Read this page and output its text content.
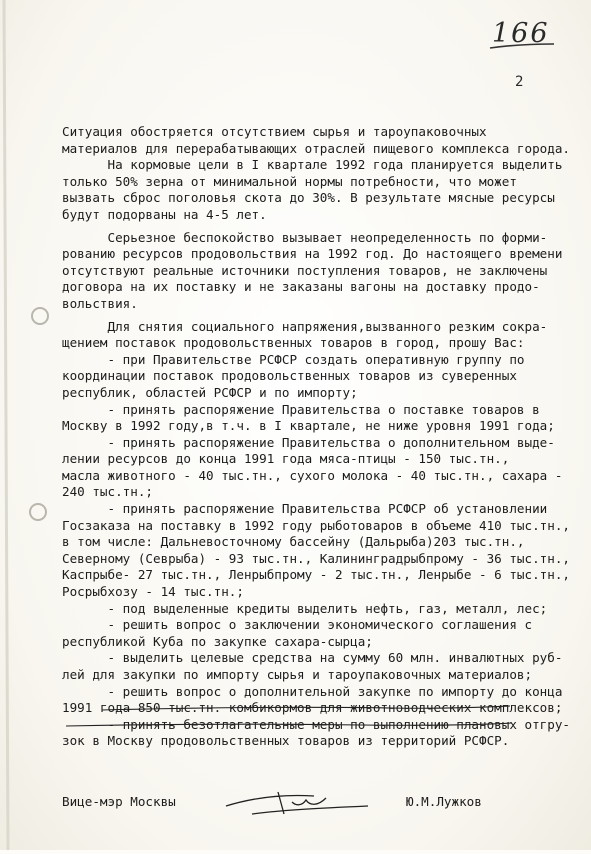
166
2
Ситуация обостряется отсутствием сырья и тароупаковочных
материалов для перерабатывающих отраслей пищевого комплекса города.
На кормовые цели в I квартале 1992 года планируется выделить
только 50% зерна от минимальной нормы потребности, что может
вызвать сброс поголовья скота до 30%. В результате мясные ресурсы
будут подорваны на 4-5 лет.
Серьезное беспокойство вызывает неопределенность по форми-
рованию ресурсов продовольствия на 1992 год. До настоящего времени
отсутствуют реальные источники поступления товаров, не заключены
договора на их поставку и не заказаны вагоны на доставку продо-
вольствия.
Для снятия социального напряжения,вызванного резким сокра-
щением поставок продовольственных товаров в город, прошу Вас:
- при Правительстве РСФСР создать оперативную группу по
координации поставок продовольственных товаров из суверенных
республик, областей РСФСР и по импорту;
- принять распоряжение Правительства о поставке товаров в
Москву в 1992 году,в т.ч. в I квартале, не ниже уровня 1991 года;
- принять распоряжение Правительства о дополнительном выде-
лении ресурсов до конца 1991 года мяса-птицы - 150 тыс.тн.,
масла животного - 40 тыс.тн., сухого молока - 40 тыс.тн., сахара -
240 тыс.тн.;
- принять распоряжение Правительства РСФСР об установлении
Госзаказа на поставку в 1992 году рыботоваров в объеме 410 тыс.тн.,
в том числе: Дальневосточному бассейну (Дальрыба)203 тыс.тн.,
Северному (Севрыба) - 93 тыс.тн., Калининградрыбпрому - 36 тыс.тн.,
Каспрыбе- 27 тыс.тн., Ленрыбпрому - 2 тыс.тн., Ленрыбе - 6 тыс.тн.,
Росрыбхозу - 14 тыс.тн.;
- под выделенные кредиты выделить нефть, газ, металл, лес;
- решить вопрос о заключении экономического соглашения с
республикой Куба по закупке сахара-сырца;
- выделить целевые средства на сумму 60 млн. инвалютных руб-
лей для закупки по импорту сырья и тароупаковочных материалов;
- решить вопрос о дополнительной закупке по импорту до конца
1991 года 850 тыс.тн. комбикормов для животноводческих комплексов;
- принять безотлагательные меры по выполнению плановых отгру-
зок в Москву продовольственных товаров из территорий РСФСР.
Вице-мэр Москвы	Ю.М.Лужков
